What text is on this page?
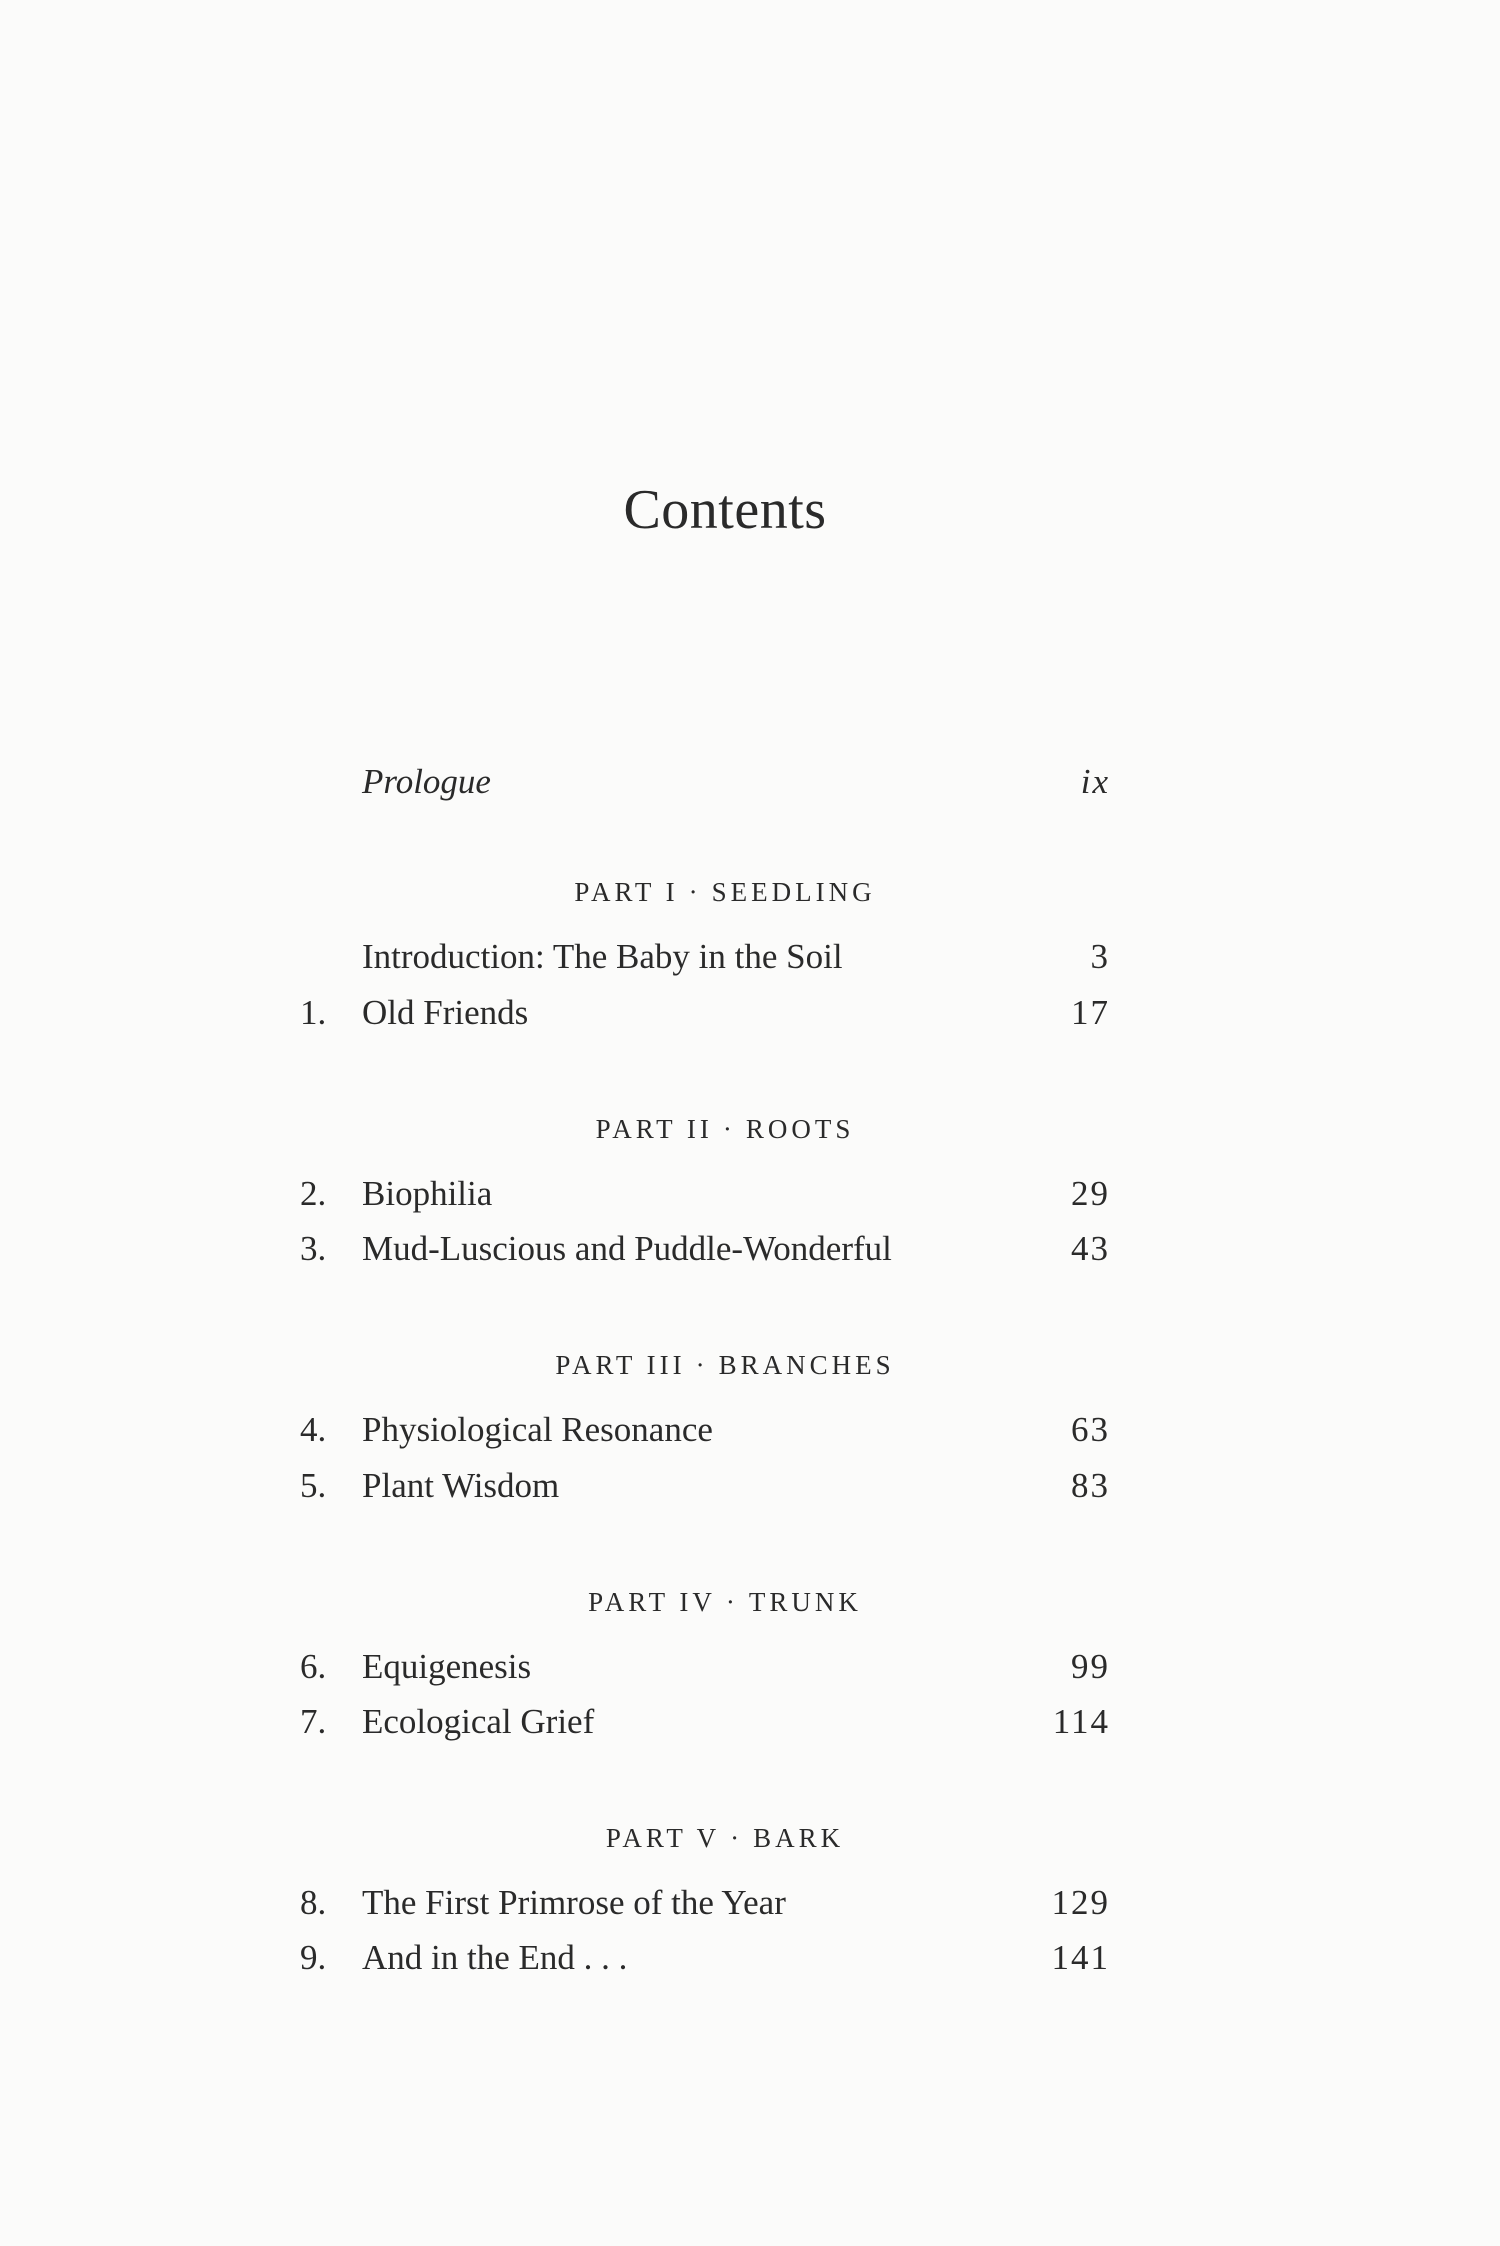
Contents
Prologue	ix
PART I · SEEDLING
Introduction: The Baby in the Soil	3
1.	Old Friends	17
PART II · ROOTS
2.	Biophilia	29
3.	Mud-Luscious and Puddle-Wonderful	43
PART III · BRANCHES
4.	Physiological Resonance	63
5.	Plant Wisdom	83
PART IV · TRUNK
6.	Equigenesis	99
7.	Ecological Grief	114
PART V · BARK
8.	The First Primrose of the Year	129
9.	And in the End . . .	141
